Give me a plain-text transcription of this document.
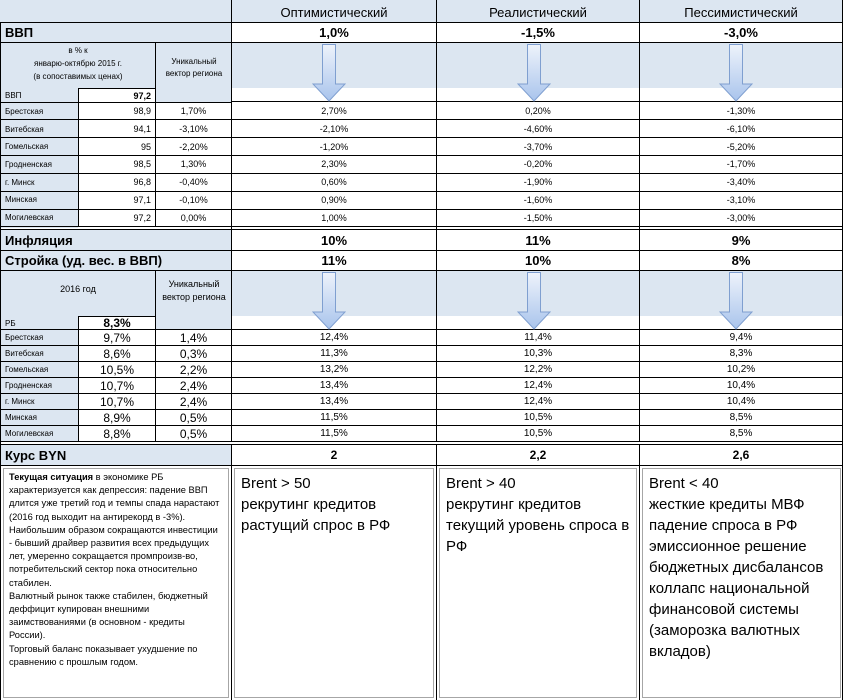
Оптимистический	Реалистический	Пессимистический
ВВП	1,0%	-1,5%	-3,0%
в % к
январю-октябрю 2015 г.
(в сопоставимых ценах)
Уникальный вектор региона
ВВП	97,2
Брестская	98,9	1,70%	2,70%	0,20%	-1,30%
Витебская	94,1	-3,10%	-2,10%	-4,60%	-6,10%
Гомельская	95	-2,20%	-1,20%	-3,70%	-5,20%
Гродненская	98,5	1,30%	2,30%	-0,20%	-1,70%
г. Минск	96,8	-0,40%	0,60%	-1,90%	-3,40%
Минская	97,1	-0,10%	0,90%	-1,60%	-3,10%
Могилевская	97,2	0,00%	1,00%	-1,50%	-3,00%
Инфляция	10%	11%	9%
Стройка (уд. вес. в ВВП)	11%	10%	8%
2016 год	Уникальный вектор региона
РБ	8,3%
Брестская	9,7%	1,4%	12,4%	11,4%	9,4%
Витебская	8,6%	0,3%	11,3%	10,3%	8,3%
Гомельская	10,5%	2,2%	13,2%	12,2%	10,2%
Гродненская	10,7%	2,4%	13,4%	12,4%	10,4%
г. Минск	10,7%	2,4%	13,4%	12,4%	10,4%
Минская	8,9%	0,5%	11,5%	10,5%	8,5%
Могилевская	8,8%	0,5%	11,5%	10,5%	8,5%
Курс BYN	2	2,2	2,6
Текущая ситуация в экономике РБ характеризуется как депрессия: падение ВВП длится уже третий год и темпы спада нарастают (2016 год выходит на антирекорд в -3%). Наибольшим образом сокращаются инвестиции - бывший драйвер развития всех предыдущих лет, умеренно сокращается промпроизв-во, потребительский сектор пока относительно стабилен.
Валютный рынок также стабилен, бюджетный деффицит купирован внешними заимствованиями (в основном - кредиты России).
Торговый баланс показывает ухудшение по сравнению с прошлым годом.
Brent > 50
рекрутинг кредитов
растущий спрос в РФ
Brent > 40
рекрутинг кредитов
текущий уровень спроса в РФ
Brent < 40
жесткие кредиты МВФ
падение спроса в РФ
эмиссионное решение бюджетных дисбалансов
коллапс национальной финансовой системы (заморозка валютных вкладов)
